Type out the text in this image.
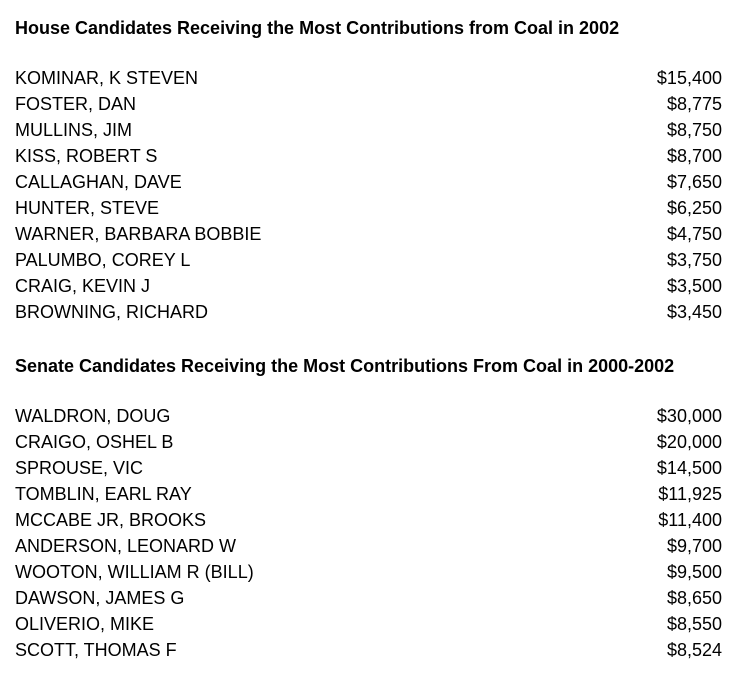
House Candidates Receiving the Most Contributions from Coal in 2002
KOMINAR, K STEVEN	$15,400
FOSTER, DAN	$8,775
MULLINS, JIM	$8,750
KISS, ROBERT S	$8,700
CALLAGHAN, DAVE	$7,650
HUNTER, STEVE	$6,250
WARNER, BARBARA BOBBIE	$4,750
PALUMBO, COREY L	$3,750
CRAIG, KEVIN J	$3,500
BROWNING, RICHARD	$3,450
Senate Candidates Receiving the Most Contributions From Coal in 2000-2002
WALDRON, DOUG	$30,000
CRAIGO, OSHEL B	$20,000
SPROUSE, VIC	$14,500
TOMBLIN, EARL RAY	$11,925
MCCABE JR, BROOKS	$11,400
ANDERSON, LEONARD W	$9,700
WOOTON, WILLIAM R (BILL)	$9,500
DAWSON, JAMES G	$8,650
OLIVERIO, MIKE	$8,550
SCOTT, THOMAS F	$8,524
